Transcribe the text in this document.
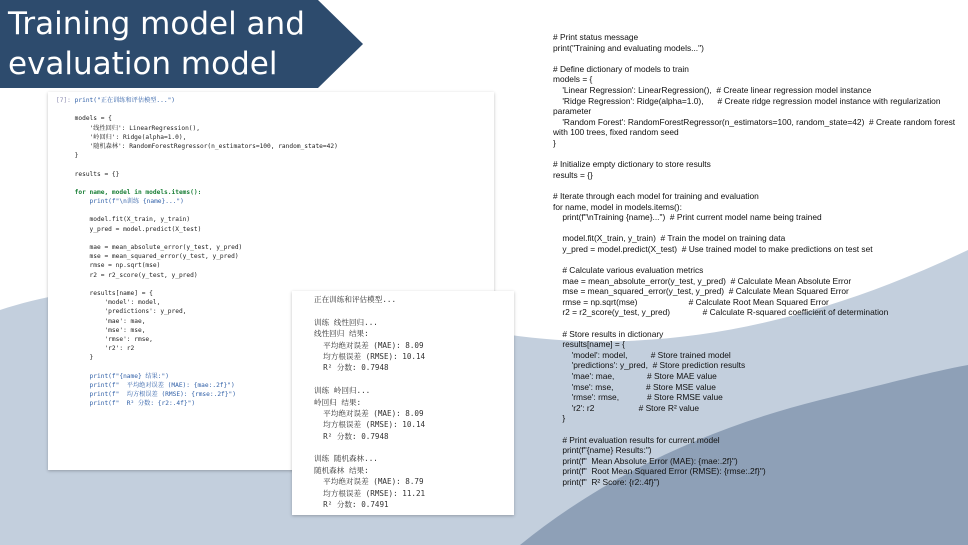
Training model and
evaluation model
[7]: print("正在训练和评估模型...")

models = {
'线性回归': LinearRegression(),
'岭回归': Ridge(alpha=1.0),
'随机森林': RandomForestRegressor(n_estimators=100, random_state=42)
}

results = {}

for name, model in models.items():
print(f"\n训练 {name}...")

model.fit(X_train, y_train)
y_pred = model.predict(X_test)

mae = mean_absolute_error(y_test, y_pred)
mse = mean_squared_error(y_test, y_pred)
rmse = np.sqrt(mse)
r2 = r2_score(y_test, y_pred)

results[name] = {
'model': model,
'predictions': y_pred,
'mae': mae,
'mse': mse,
'rmse': rmse,
'r2': r2
}

print(f"{name} 结果:")
print(f"  平均绝对误差 (MAE): {mae:.2f}")
print(f"  均方根误差 (RMSE): {rmse:.2f}")
print(f"  R² 分数: {r2:.4f}")
正在训练和评估模型...
训练 线性回归...
线性回归 结果:
平均绝对误差 (MAE): 8.09
均方根误差 (RMSE): 10.14
R² 分数: 0.7948
训练 岭回归...
岭回归 结果:
平均绝对误差 (MAE): 8.09
均方根误差 (RMSE): 10.14
R² 分数: 0.7948
训练 随机森林...
随机森林 结果:
平均绝对误差 (MAE): 8.79
均方根误差 (RMSE): 11.21
R² 分数: 0.7491
# Print status message
print("Training and evaluating models...")
# Define dictionary of models to train
models = {
'Linear Regression': LinearRegression(),  # Create linear regression model instance
'Ridge Regression': Ridge(alpha=1.0),      # Create ridge regression model instance with regularization parameter
'Random Forest': RandomForestRegressor(n_estimators=100, random_state=42)  # Create random forest with 100 trees, fixed random seed
}
# Initialize empty dictionary to store results
results = {}
# Iterate through each model for training and evaluation
for name, model in models.items():
print(f"\nTraining {name}...")  # Print current model name being trained
model.fit(X_train, y_train)  # Train the model on training data
y_pred = model.predict(X_test)  # Use trained model to make predictions on test set
# Calculate various evaluation metrics
mae = mean_absolute_error(y_test, y_pred)  # Calculate Mean Absolute Error
mse = mean_squared_error(y_test, y_pred)  # Calculate Mean Squared Error
rmse = np.sqrt(mse)                      # Calculate Root Mean Squared Error
r2 = r2_score(y_test, y_pred)              # Calculate R-squared coefficient of determination
# Store results in dictionary
results[name] = {
'model': model,          # Store trained model
'predictions': y_pred,  # Store prediction results
'mae': mae,              # Store MAE value
'mse': mse,              # Store MSE value
'rmse': rmse,            # Store RMSE value
'r2': r2                   # Store R² value
}
# Print evaluation results for current model
print(f"{name} Results:")
print(f"  Mean Absolute Error (MAE): {mae:.2f}")
print(f"  Root Mean Squared Error (RMSE): {rmse:.2f}")
print(f"  R² Score: {r2:.4f}")
